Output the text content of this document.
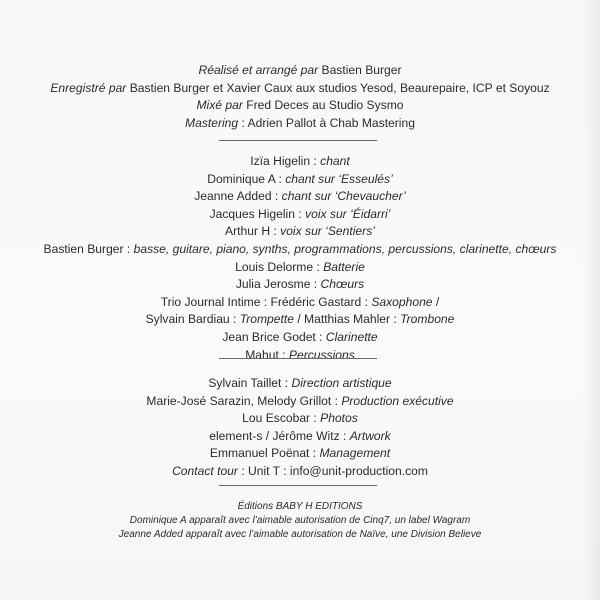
Réalisé et arrangé par Bastien Burger
Enregistré par Bastien Burger et Xavier Caux aux studios Yesod, Beaurepaire, ICP et Soyouz
Mixé par Fred Deces au Studio Sysmo
Mastering : Adrien Pallot à Chab Mastering
Izïa Higelin : chant
Dominique A : chant sur ‘Esseulés’
Jeanne Added : chant sur ‘Chevaucher’
Jacques Higelin : voix sur ‘Éidarri’
Arthur H : voix sur ‘Sentiers’
Bastien Burger : basse, guitare, piano, synths, programmations, percussions, clarinette, chœurs
Louis Delorme : Batterie
Julia Jerosme : Chœurs
Trio Journal Intime : Frédéric Gastard : Saxophone /
Sylvain Bardiau : Trompette / Matthias Mahler : Trombone
Jean Brice Godet : Clarinette
Mahut : Percussions
Sylvain Taillet : Direction artistique
Marie-José Sarazin, Melody Grillot : Production exécutive
Lou Escobar : Photos
element-s / Jérôme Witz : Artwork
Emmanuel Poënat : Management
Contact tour : Unit T : info@unit-production.com
Éditions BABY H EDITIONS
Dominique A apparaît avec l’aimable autorisation de Cinq7, un label Wagram
Jeanne Added apparaît avec l’aimable autorisation de Naïve, une Division Believe
